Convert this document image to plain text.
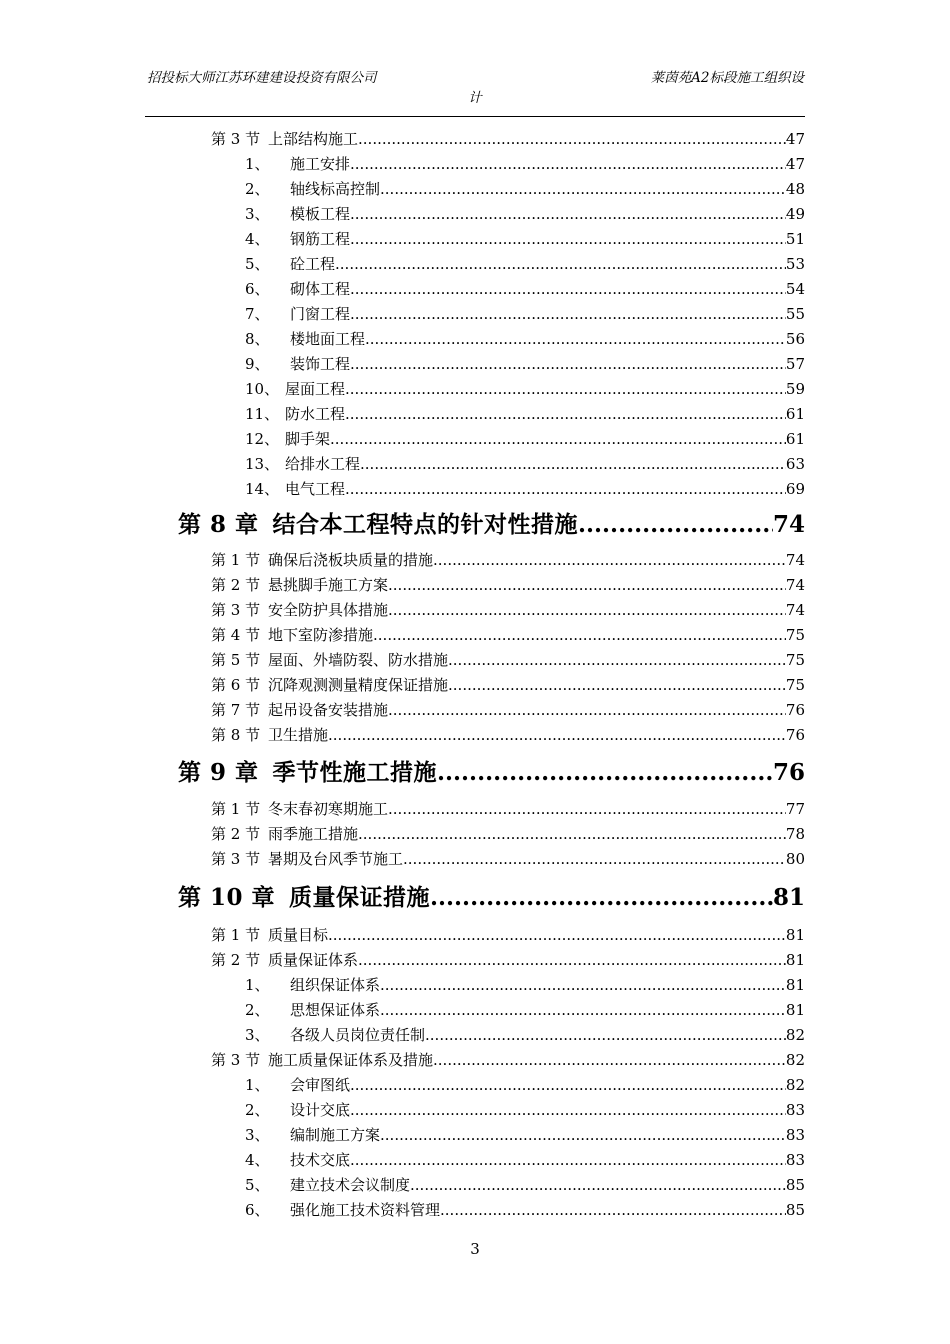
招投标大师江苏环建建设投资有限公司	莱茵苑A2标段施工组织设
计
第 3 节 上部结构施工 .....	47
1、 施工安排 .....	47
2、 轴线标高控制 .....	48
3、 模板工程 .....	49
4、 钢筋工程 .....	51
5、 砼工程 .....	53
6、 砌体工程 .....	54
7、 门窗工程 .....	55
8、 楼地面工程 .....	56
9、 装饰工程 .....	57
10、 屋面工程 .....	59
11、 防水工程 .....	61
12、 脚手架 .....	61
13、 给排水工程 .....	63
14、 电气工程 .....	69
第 8 章 结合本工程特点的针对性措施 .....	74
第 1 节 确保后浇板块质量的措施 .....	74
第 2 节 悬挑脚手施工方案 .....	74
第 3 节 安全防护具体措施 .....	74
第 4 节 地下室防渗措施 .....	75
第 5 节 屋面、外墙防裂、防水措施 .....	75
第 6 节 沉降观测测量精度保证措施 .....	75
第 7 节 起吊设备安装措施 .....	76
第 8 节 卫生措施 .....	76
第 9 章 季节性施工措施 .....	76
第 1 节 冬末春初寒期施工 .....	77
第 2 节 雨季施工措施 .....	78
第 3 节 暑期及台风季节施工 .....	80
第 10 章 质量保证措施 .....	81
第 1 节 质量目标 .....	81
第 2 节 质量保证体系 .....	81
1、 组织保证体系 .....	81
2、 思想保证体系 .....	81
3、 各级人员岗位责任制 .....	82
第 3 节 施工质量保证体系及措施 .....	82
1、 会审图纸 .....	82
2、 设计交底 .....	83
3、 编制施工方案 .....	83
4、 技术交底 .....	83
5、 建立技术会议制度 .....	85
6、 强化施工技术资料管理 .....	85
3
